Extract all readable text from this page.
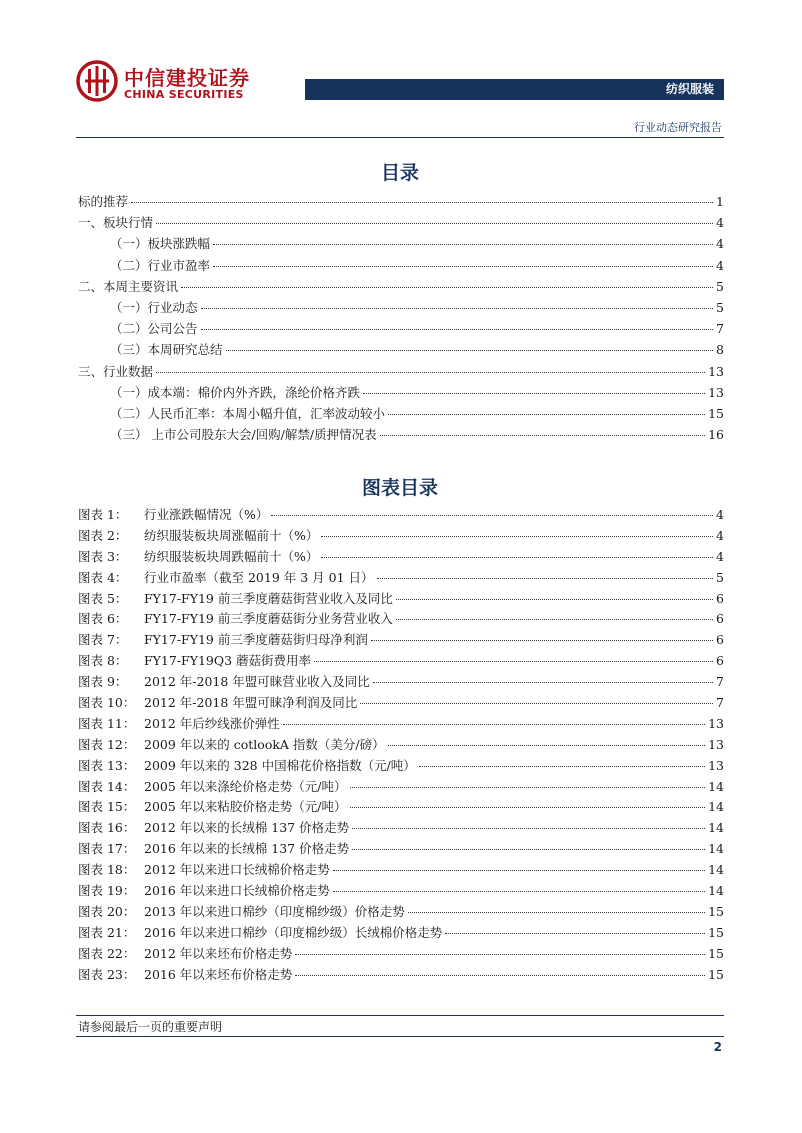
中信建投证券
CHINA SECURITIES	纺织服装
行业动态研究报告
目录
标的推荐	1
一、板块行情	4
（一）板块涨跌幅	4
（二）行业市盈率	4
二、本周主要资讯	5
（一）行业动态	5
（二）公司公告	7
（三）本周研究总结	8
三、行业数据	13
（一）成本端：棉价内外齐跌，涤纶价格齐跌	13
（二）人民币汇率：本周小幅升值，汇率波动较小	15
（三） 上市公司股东大会/回购/解禁/质押情况表	16
图表目录
图表 1： 行业涨跌幅情况（%）	4
图表 2： 纺织服装板块周涨幅前十（%）	4
图表 3： 纺织服装板块周跌幅前十（%）	4
图表 4： 行业市盈率（截至 2019 年 3 月 01 日）	5
图表 5： FY17-FY19 前三季度蘑菇街营业收入及同比	6
图表 6： FY17-FY19 前三季度蘑菇街分业务营业收入	6
图表 7： FY17-FY19 前三季度蘑菇街归母净利润	6
图表 8： FY17-FY19Q3 蘑菇街费用率	6
图表 9： 2012 年-2018 年盟可睐营业收入及同比	7
图表 10： 2012 年-2018 年盟可睐净利润及同比	7
图表 11： 2012 年后纱线涨价弹性	13
图表 12： 2009 年以来的 cotlookA 指数（美分/磅）	13
图表 13： 2009 年以来的 328 中国棉花价格指数（元/吨）	13
图表 14： 2005 年以来涤纶价格走势（元/吨）	14
图表 15： 2005 年以来粘胶价格走势（元/吨）	14
图表 16： 2012 年以来的长绒棉 137 价格走势	14
图表 17： 2016 年以来的长绒棉 137 价格走势	14
图表 18： 2012 年以来进口长绒棉价格走势	14
图表 19： 2016 年以来进口长绒棉价格走势	14
图表 20： 2013 年以来进口棉纱（印度棉纱级）价格走势	15
图表 21： 2016 年以来进口棉纱（印度棉纱级）长绒棉价格走势	15
图表 22： 2012 年以来坯布价格走势	15
图表 23： 2016 年以来坯布价格走势	15
请参阅最后一页的重要声明
2
